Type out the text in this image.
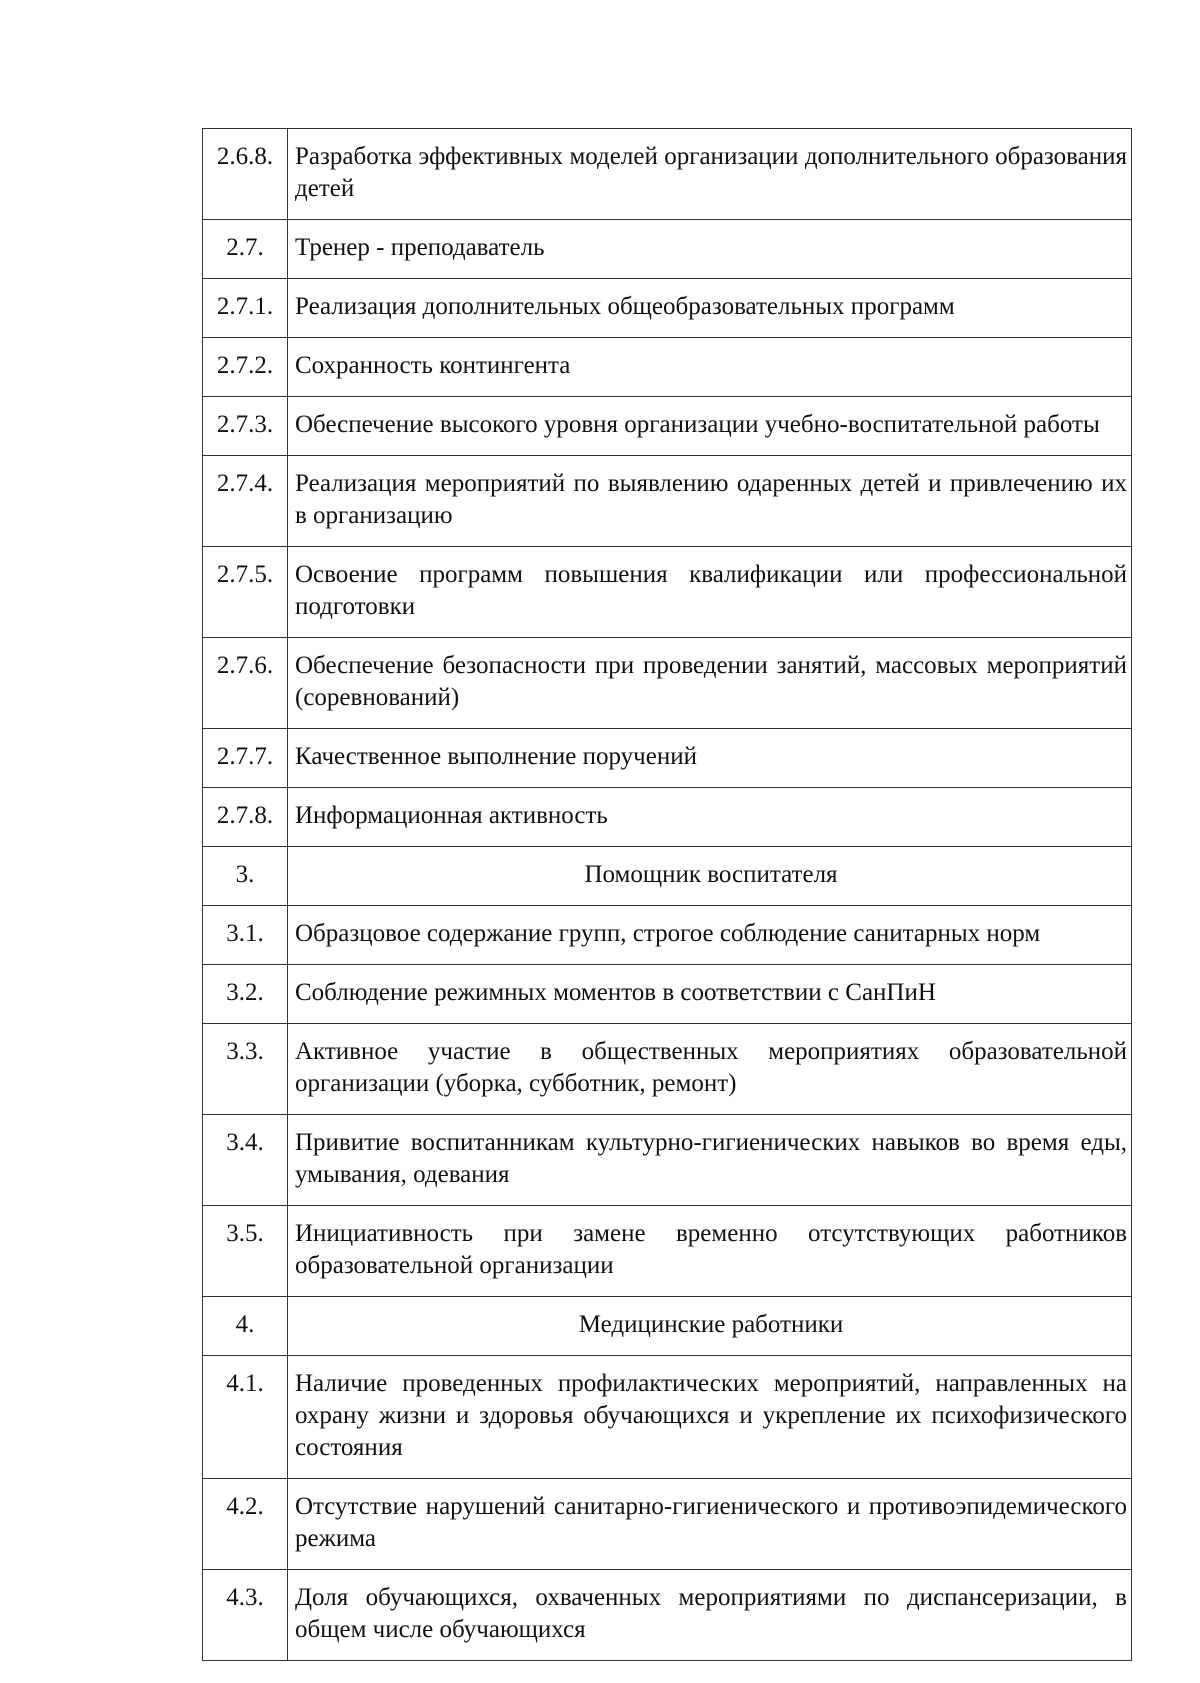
2.6.8.	Разработка эффективных моделей организации дополнительного образования детей
2.7.	Тренер - преподаватель
2.7.1.	Реализация дополнительных общеобразовательных программ
2.7.2.	Сохранность контингента
2.7.3.	Обеспечение высокого уровня организации учебно-воспитательной работы
2.7.4.	Реализация мероприятий по выявлению одаренных детей и привлечению их в организацию
2.7.5.	Освоение программ повышения квалификации или профессиональной подготовки
2.7.6.	Обеспечение безопасности при проведении занятий, массовых мероприятий (соревнований)
2.7.7.	Качественное выполнение поручений
2.7.8.	Информационная активность
3.	Помощник воспитателя
3.1.	Образцовое содержание групп, строгое соблюдение санитарных норм
3.2.	Соблюдение режимных моментов в соответствии с СанПиН
3.3.	Активное участие в общественных мероприятиях образовательной организации (уборка, субботник, ремонт)
3.4.	Привитие воспитанникам культурно-гигиенических навыков во время еды, умывания, одевания
3.5.	Инициативность при замене временно отсутствующих работников образовательной организации
4.	Медицинские работники
4.1.	Наличие проведенных профилактических мероприятий, направленных на охрану жизни и здоровья обучающихся и укрепление их психофизического состояния
4.2.	Отсутствие нарушений санитарно-гигиенического и противоэпидемического режима
4.3.	Доля обучающихся, охваченных мероприятиями по диспансеризации, в общем числе обучающихся
